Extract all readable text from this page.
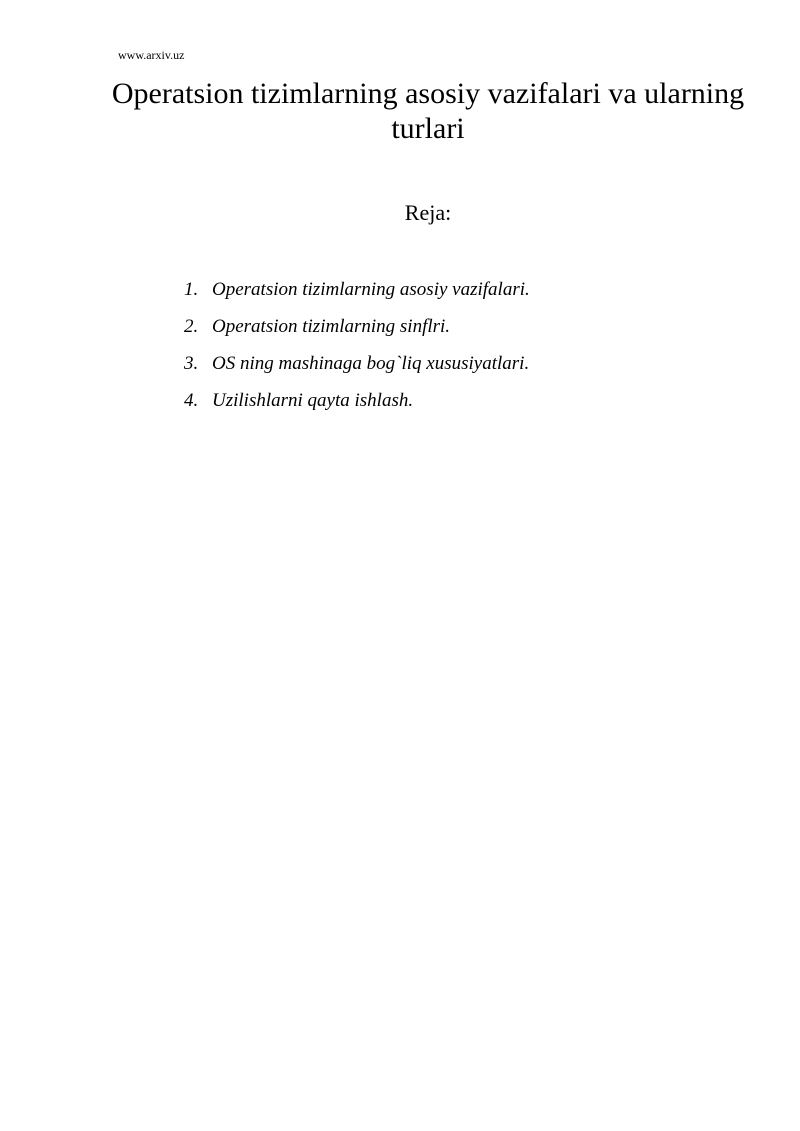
www.arxiv.uz
Operatsion tizimlarning asosiy vazifalari va ularning turlari
Reja:
1. Operatsion tizimlarning asosiy vazifalari.
2. Operatsion tizimlarning sinflri.
3. OS ning mashinaga bog`liq xususiyatlari.
4. Uzilishlarni qayta ishlash.
